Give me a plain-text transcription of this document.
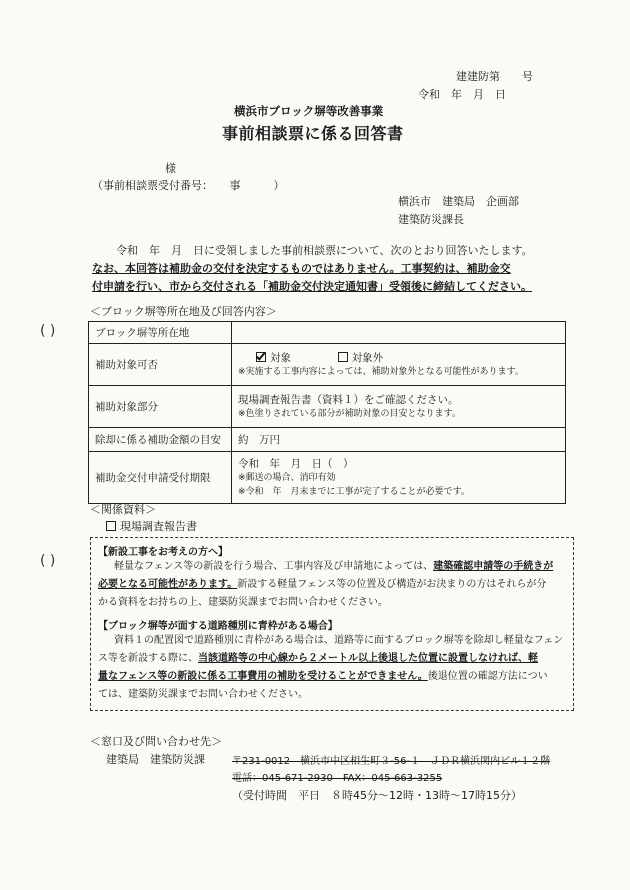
建建防第　　号
令和　年　月　日
横浜市ブロック塀等改善事業
事前相談票に係る回答書
様
（事前相談票受付番号：　　事　　　）
横浜市　建築局　企画部
建築防災課長
令和　年　月　日に受領しました事前相談票について、次のとおり回答いたします。
なお、本回答は補助金の交付を決定するものではありません。工事契約は、補助金交
付申請を行い、市から交付される「補助金交付決定通知書」受領後に締結してください。
＜ブロック塀等所在地及び回答内容＞
( )
( )
ブロック塀等所在地	
補助対象可否	対象 対象外
※実施する工事内容によっては、補助対象外となる可能性があります。

補助対象部分	現場調査報告書（資料１）をご確認ください。
※色塗りされている部分が補助対象の目安となります。

除却に係る補助金額の目安	約　万円
補助金交付申請受付期限	令和　年　月　日（　）
※郵送の場合、消印有効
※令和　年　月末までに工事が完了することが必要です。
＜関係資料＞
現場調査報告書
【新設工事をお考えの方へ】
軽量なフェンス等の新設を行う場合、工事内容及び申請地によっては、建築確認申請等の手続きが
必要となる可能性があります。新設する軽量フェンス等の位置及び構造がお決まりの方はそれらが分
かる資料をお持ちの上、建築防災課までお問い合わせください。
【ブロック塀等が面する道路種別に青枠がある場合】
資料１の配置図で道路種別に青枠がある場合は、道路等に面するブロック塀等を除却し軽量なフェン
ス等を新設する際に、当該道路等の中心線から２メートル以上後退した位置に設置しなければ、軽
量なフェンス等の新設に係る工事費用の補助を受けることができません。後退位置の確認方法につい
ては、建築防災課までお問い合わせください。
＜窓口及び問い合わせ先＞
建築局　建築防災課	〒231-0012　横浜市中区相生町３-56-１　ＪＤＲ横浜関内ビル１２階
電話：045-671-2930　FAX：045-663-3255
（受付時間　平日　８時45分～12時・13時～17時15分）
